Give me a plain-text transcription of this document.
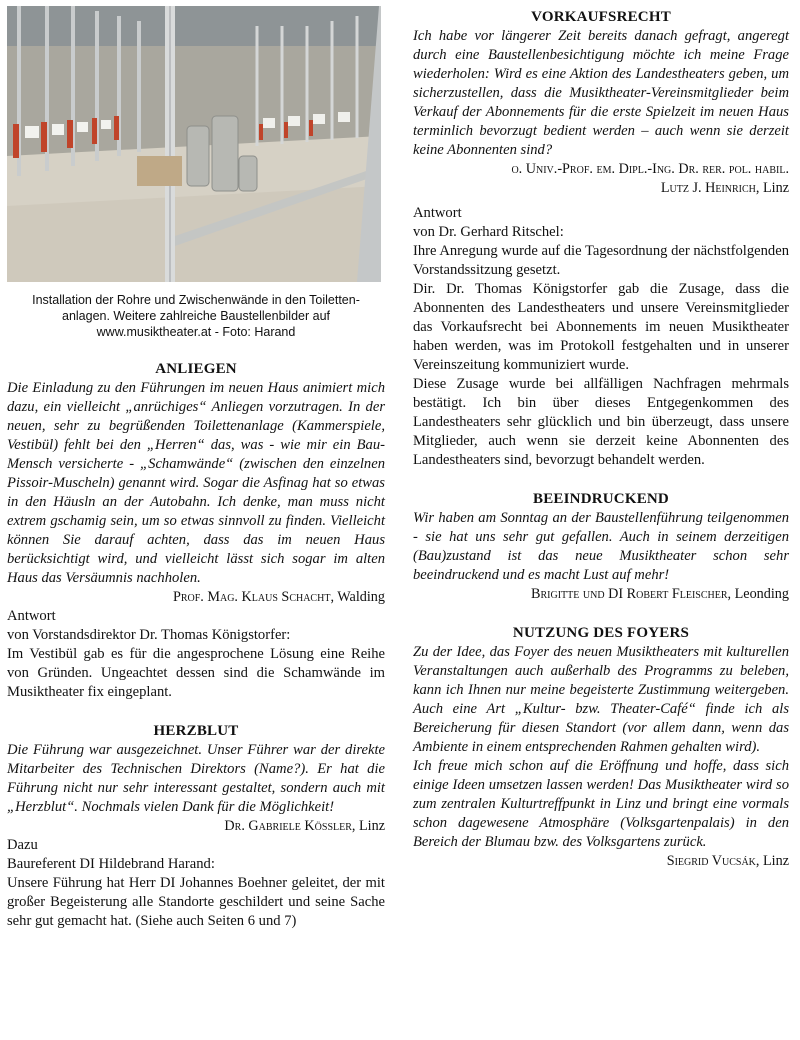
Installation der Rohre und Zwischenwände in den Toiletten-
anlagen. Weitere zahlreiche Baustellenbilder auf
www.musiktheater.at - Foto: Harand

ANLIEGEN

Die Einladung zu den Führungen im neuen Haus animiert mich dazu, ein vielleicht „anrüchiges“ Anliegen vorzutragen. In der neuen, sehr zu begrüßenden Toilettenanlage (Kammerspiele, Vestibül) fehlt bei den „Herren“ das, was - wie mir ein Bau-Mensch versicherte - „Schamwände“ (zwischen den einzelnen Pissoir-Muscheln) genannt wird. Sogar die Asfinag hat so etwas in den Häusln an der Autobahn. Ich denke, man muss nicht extrem gschamig sein, um so etwas sinnvoll zu finden. Vielleicht können Sie darauf achten, dass das im neuen Haus berücksichtigt wird, und vielleicht lässt sich sogar im alten Haus das Versäumnis nachholen.

Prof. Mag. Klaus Schacht, Walding

Antwort

von Vorstandsdirektor Dr. Thomas Königstorfer:

Im Vestibül gab es für die angesprochene Lösung eine Reihe von Gründen. Ungeachtet dessen sind die Schamwände im Musiktheater fix eingeplant.

HERZBLUT

Die Führung war ausgezeichnet. Unser Führer war der direkte Mitarbeiter des Technischen Direktors (Name?). Er hat die Führung nicht nur sehr interessant gestaltet, sondern auch mit „Herzblut“. Nochmals vielen Dank für die Möglichkeit!

Dr. Gabriele Kössler, Linz

Dazu

Baureferent DI Hildebrand Harand:

Unsere Führung hat Herr DI Johannes Boehner geleitet, der mit großer Begeisterung alle Standorte geschildert und seine Sache sehr gut gemacht hat. (Siehe auch Seiten 6 und 7)

VORKAUFSRECHT

Ich habe vor längerer Zeit bereits danach gefragt, angeregt durch eine Baustellenbesichtigung möchte ich meine Frage wiederholen: Wird es eine Aktion des Landestheaters geben, um sicherzustellen, dass die Musiktheater-Vereinsmitglieder beim Verkauf der Abonnements für die erste Spielzeit im neuen Haus terminlich bevorzugt bedient werden – auch wenn sie derzeit keine Abonnenten sind?

o. Univ.-Prof. em. Dipl.-Ing. Dr. rer. pol. habil.
Lutz J. Heinrich, Linz

Antwort

von Dr. Gerhard Ritschel:

Ihre Anregung wurde auf die Tagesordnung der nächstfolgenden Vorstandssitzung gesetzt.

Dir. Dr. Thomas Königstorfer gab die Zusage, dass die Abonnenten des Landestheaters und unsere Vereinsmitglieder das Vorkaufsrecht bei Abonnements im neuen Musiktheater haben werden, was im Protokoll festgehalten und in unserer Vereinszeitung kommuniziert wurde.

Diese Zusage wurde bei allfälligen Nachfragen mehrmals bestätigt. Ich bin über dieses Entgegenkommen des Landestheaters sehr glücklich und bin überzeugt, dass unsere Mitglieder, auch wenn sie derzeit keine Abonnenten des Landestheaters sind, bevorzugt behandelt werden.

BEEINDRUCKEND

Wir haben am Sonntag an der Baustellenführung teilgenommen - sie hat uns sehr gut gefallen. Auch in seinem derzeitigen (Bau)zustand ist das neue Musiktheater schon sehr beeindruckend und es macht Lust auf mehr!

Brigitte und DI Robert Fleischer, Leonding

NUTZUNG DES FOYERS

Zu der Idee, das Foyer des neuen Musiktheaters mit kulturellen Veranstaltungen auch außerhalb des Programms zu beleben, kann ich Ihnen nur meine begeisterte Zustimmung weitergeben. Auch eine Art „Kultur- bzw. Theater-Café“ finde ich als Bereicherung für diesen Standort (vor allem dann, wenn das Ambiente in einem entsprechenden Rahmen gehalten wird).

Ich freue mich schon auf die Eröffnung und hoffe, dass sich einige Ideen umsetzen lassen werden! Das Musiktheater wird so zum zentralen Kulturtreffpunkt in Linz und bringt eine vormals schon dagewesene Atmosphäre (Volksgartenpalais) in den Bereich der Blumau bzw. des Volksgartens zurück.

Siegrid Vucsák, Linz
